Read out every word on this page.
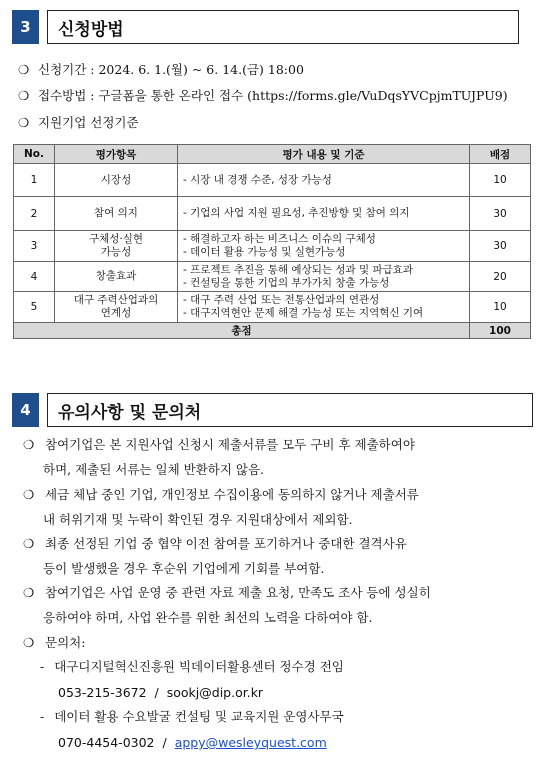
3	신청방법
❍ 신청기간 : 2024. 6. 1.(월) ~ 6. 14.(금) 18:00
❍ 접수방법 : 구글폼을 통한 온라인 접수 (https://forms.gle/VuDqsYVCpjmTUJPU9)
❍ 지원기업 선정기준
No.	평가항목	평가 내용 및 기준	배점
1	시장성	- 시장 내 경쟁 수준, 성장 가능성	10
2	참여 의지	- 기업의 사업 지원 필요성, 추진방향 및 참여 의지	30
3	구체성·실현
가능성	- 해결하고자 하는 비즈니스 이슈의 구체성
- 데이터 활용 가능성 및 실현가능성	30
4	창출효과	- 프로젝트 추진을 통해 예상되는 성과 및 파급효과
- 컨설팅을 통한 기업의 부가가치 창출 가능성	20
5	대구 주력산업과의
연계성	- 대구 주력 산업 또는 전통산업과의 연관성
- 대구지역현안 문제 해결 가능성 또는 지역혁신 기여	10
총점			100
4	유의사항 및 문의처
❍ 참여기업은 본 지원사업 신청시 제출서류를 모두 구비 후 제출하여야
하며, 제출된 서류는 일체 반환하지 않음.
❍ 세금 체납 중인 기업, 개인정보 수집이용에 동의하지 않거나 제출서류
내 허위기재 및 누락이 확인된 경우 지원대상에서 제외함.
❍ 최종 선정된 기업 중 협약 이전 참여를 포기하거나 중대한 결격사유
등이 발생했을 경우 후순위 기업에게 기회를 부여함.
❍ 참여기업은 사업 운영 중 관련 자료 제출 요청, 만족도 조사 등에 성실히
응하여야 하며, 사업 완수를 위한 최선의 노력을 다하여야 함.
❍ 문의처:
- 대구디지털혁신진흥원 빅데이터활용센터 정수경 전임
053-215-3672 / sookj@dip.or.kr
- 데이터 활용 수요발굴 컨설팅 및 교육지원 운영사무국
070-4454-0302 / appy@wesleyquest.com
